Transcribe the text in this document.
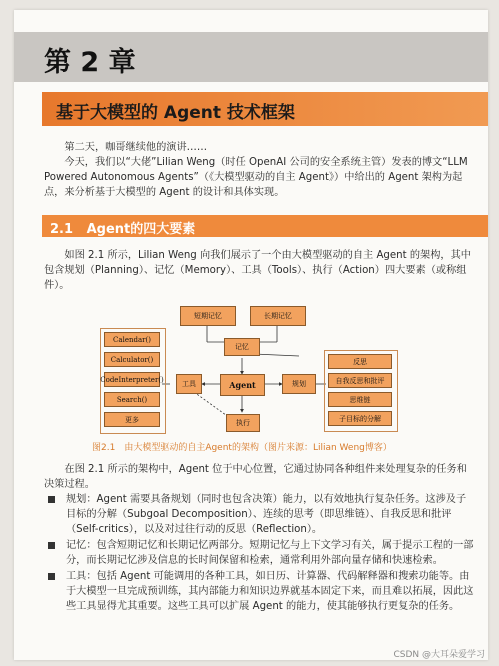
第 2 章
基于大模型的 Agent 技术框架

第二天，咖哥继续他的演讲……

今天，我们以“大佬”Lilian Weng（时任 OpenAI 公司的安全系统主管）发表的博文“LLM Powered Autonomous Agents”（《大模型驱动的自主 Agent》）中给出的 Agent 架构为起点，来分析基于大模型的 Agent 的设计和具体实现。

2.1 Agent的四大要素
如图 2.1 所示，Lilian Weng 向我们展示了一个由大模型驱动的自主 Agent 的架构，其中包含规划（Planning）、记忆（Memory）、工具（Tools）、执行（Action）四大要素（或称组件）。
短期记忆	长期记忆
记忆
工具	Agent	规划
执行
Calendar()
Calculator()
CodeInterpreter()
Search()
更多
反思
自我反思和批评
思维链
子目标的分解
图2.1　由大模型驱动的自主Agent的架构（图片来源：Lilian Weng博客）
在图 2.1 所示的架构中，Agent 位于中心位置，它通过协同各种组件来处理复杂的任务和决策过程。
规划：Agent 需要具备规划（同时也包含决策）能力，以有效地执行复杂任务。这涉及子目标的分解（Subgoal Decomposition）、连续的思考（即思维链）、自我反思和批评（Self-critics），以及对过往行动的反思（Reflection）。
记忆：包含短期记忆和长期记忆两部分。短期记忆与上下文学习有关，属于提示工程的一部分，而长期记忆涉及信息的长时间保留和检索，通常利用外部向量存储和快速检索。
工具：包括 Agent 可能调用的各种工具，如日历、计算器、代码解释器和搜索功能等。由于大模型一旦完成预训练，其内部能力和知识边界就基本固定下来，而且难以拓展，因此这些工具显得尤其重要。这些工具可以扩展 Agent 的能力，使其能够执行更复杂的任务。
CSDN @大耳朵爱学习
